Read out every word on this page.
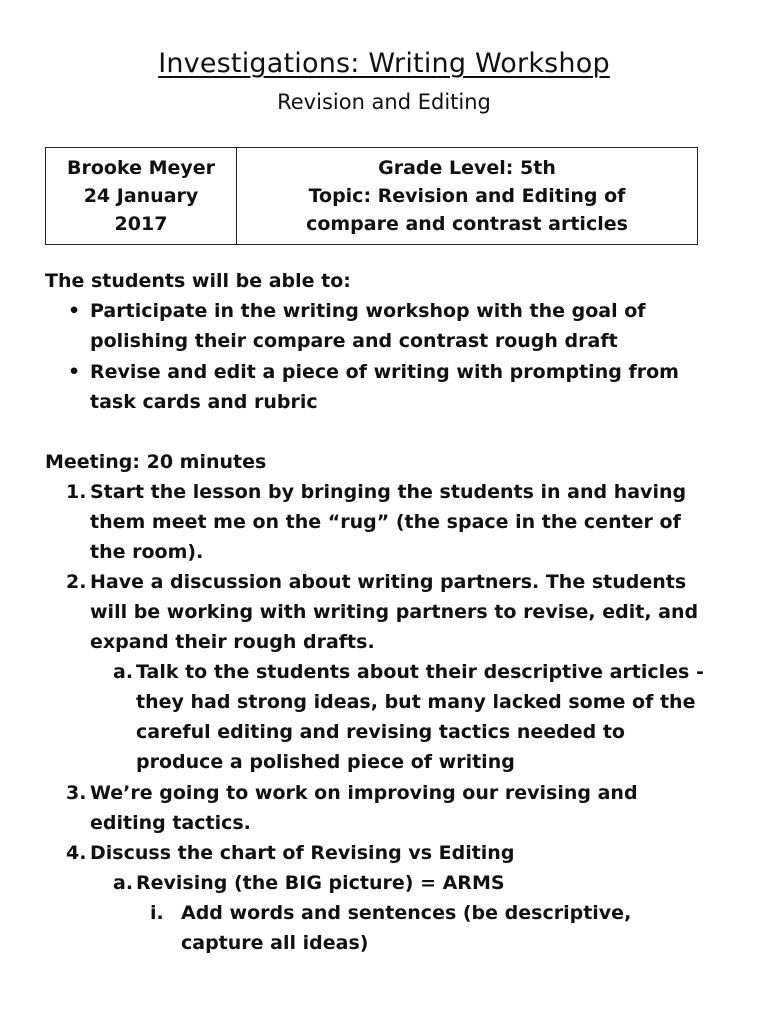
Investigations: Writing Workshop
Revision and Editing
Brooke Meyer
24 January
2017
Grade Level: 5th
Topic: Revision and Editing of
compare and contrast articles
The students will be able to:
• Participate in the writing workshop with the goal of
polishing their compare and contrast rough draft
• Revise and edit a piece of writing with prompting from
task cards and rubric
Meeting: 20 minutes
1. Start the lesson by bringing the students in and having
them meet me on the “rug” (the space in the center of
the room).
2. Have a discussion about writing partners. The students
will be working with writing partners to revise, edit, and
expand their rough drafts.
a. Talk to the students about their descriptive articles -
they had strong ideas, but many lacked some of the
careful editing and revising tactics needed to
produce a polished piece of writing
3. We’re going to work on improving our revising and
editing tactics.
4. Discuss the chart of Revising vs Editing
a. Revising (the BIG picture) = ARMS
i. Add words and sentences (be descriptive,
capture all ideas)
